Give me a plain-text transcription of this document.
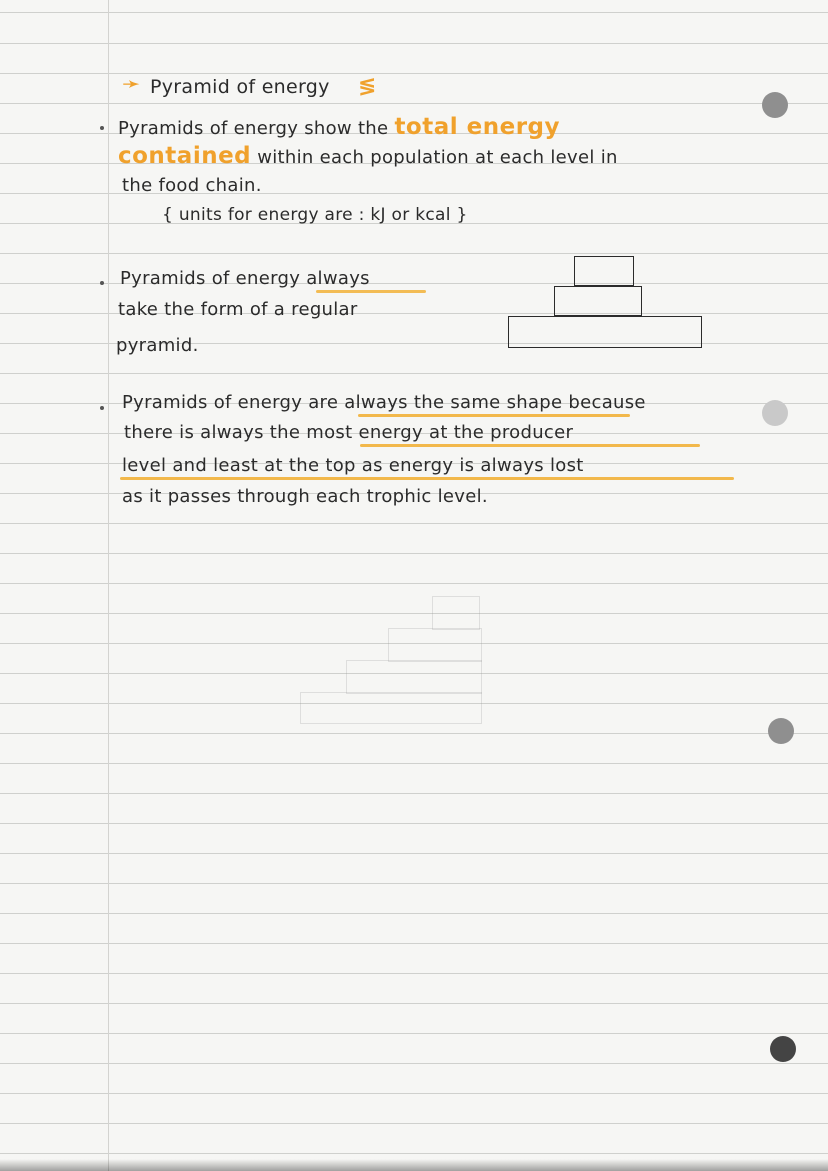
➛ Pyramid of energy ≶
Pyramids of energy show the total energy
contained within each population at each level in
the food chain.
{ units for energy are : kJ or kcal }
Pyramids of energy always
take the form of a regular
pyramid.
Pyramids of energy are always the same shape because
there is always the most energy at the producer
level and least at the top as energy is always lost
as it passes through each trophic level.
